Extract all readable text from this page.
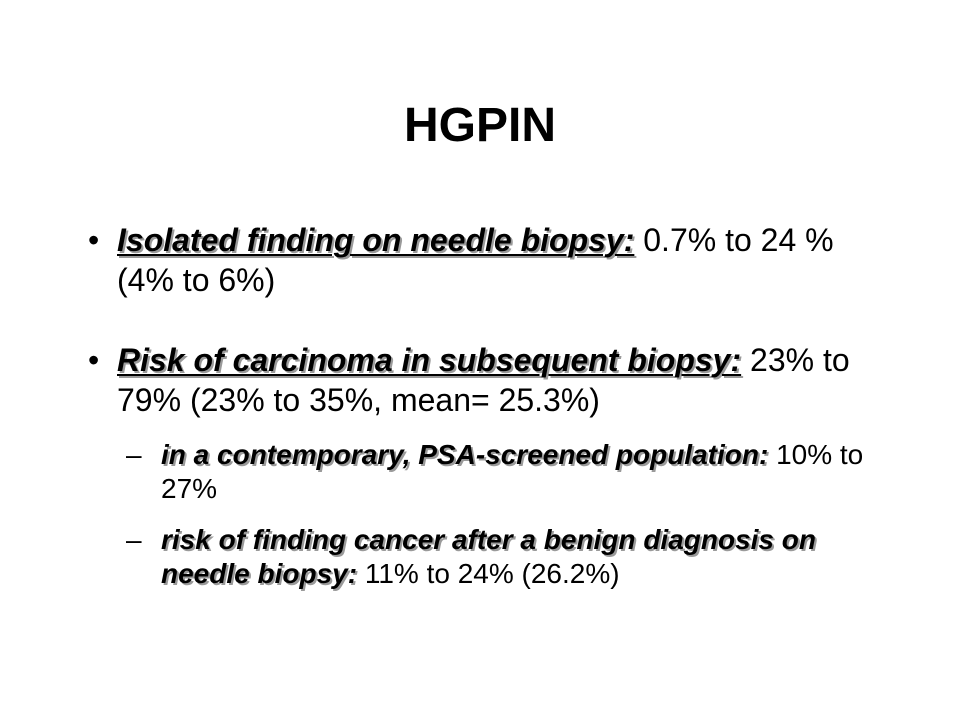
HGPIN
• Isolated finding on needle biopsy: 0.7% to 24 % (4% to 6%)
• Risk of carcinoma in subsequent biopsy: 23% to 79% (23% to 35%, mean= 25.3%)
– in a contemporary, PSA-screened population: 10% to 27%
– risk of finding cancer after a benign diagnosis on needle biopsy: 11% to 24% (26.2%)
